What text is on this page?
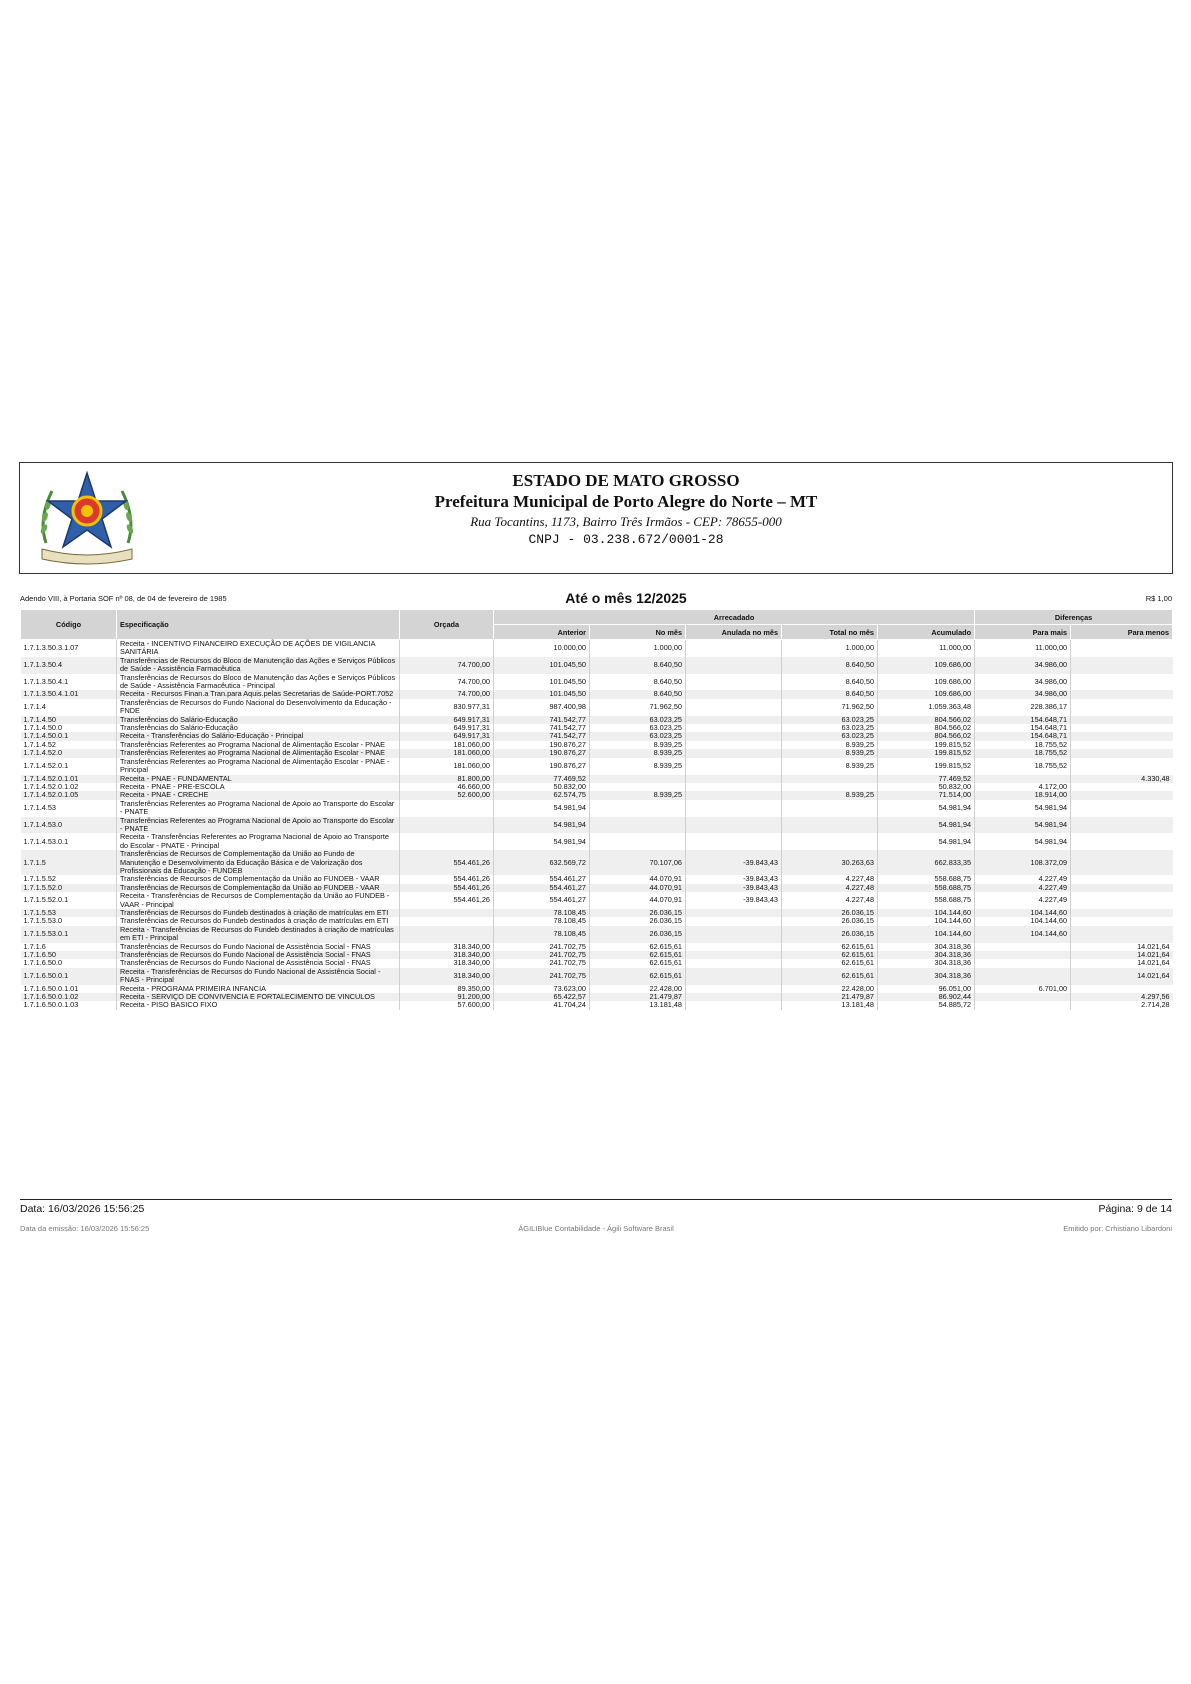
ESTADO DE MATO GROSSO
Prefeitura Municipal de Porto Alegre do Norte – MT
Rua Tocantins, 1173, Bairro Três Irmãos - CEP: 78655-000
CNPJ - 03.238.672/0001-28
Adendo VIII, à Portaria SOF nº 08, de 04 de fevereiro de 1985	Até o mês 12/2025	R$ 1,00
Código	Especificação	Orçada	Arrecadado					Diferenças	
			Anterior	No mês	Anulada no mês	Total no mês	Acumulado	Para mais	Para menos
1.7.1.3.50.3.1.07	Receita - INCENTIVO FINANCEIRO EXECUÇÃO DE AÇÕES DE VIGILANCIA SANITÁRIA		10.000,00	1.000,00		1.000,00	11.000,00	11.000,00	
1.7.1.3.50.4	Transferências de Recursos do Bloco de Manutenção das Ações e Serviços Públicos de Saúde - Assistência Farmacêutica	74.700,00	101.045,50	8.640,50		8.640,50	109.686,00	34.986,00	
1.7.1.3.50.4.1	Transferências de Recursos do Bloco de Manutenção das Ações e Serviços Públicos de Saúde - Assistência Farmacêutica - Principal	74.700,00	101.045,50	8.640,50		8.640,50	109.686,00	34.986,00	
1.7.1.3.50.4.1.01	Receita - Recursos Finan.a Tran.para Aquis.pelas Secretarias de Saúde-PORT.7052	74.700,00	101.045,50	8.640,50		8.640,50	109.686,00	34.986,00	
1.7.1.4	Transferências de Recursos do Fundo Nacional do Desenvolvimento da Educação - FNDE	830.977,31	987.400,98	71.962,50		71.962,50	1.059.363,48	228.386,17	
1.7.1.4.50	Transferências do Salário-Educação	649.917,31	741.542,77	63.023,25		63.023,25	804.566,02	154.648,71	
1.7.1.4.50.0	Transferências do Salário-Educação	649.917,31	741.542,77	63.023,25		63.023,25	804.566,02	154.648,71	
1.7.1.4.50.0.1	Receita - Transferências do Salário-Educação - Principal	649.917,31	741.542,77	63.023,25		63.023,25	804.566,02	154.648,71	
1.7.1.4.52	Transferências Referentes ao Programa Nacional de Alimentação Escolar - PNAE	181.060,00	190.876,27	8.939,25		8.939,25	199.815,52	18.755,52	
1.7.1.4.52.0	Transferências Referentes ao Programa Nacional de Alimentação Escolar - PNAE	181.060,00	190.876,27	8.939,25		8.939,25	199.815,52	18.755,52	
1.7.1.4.52.0.1	Transferências Referentes ao Programa Nacional de Alimentação Escolar - PNAE - Principal	181.060,00	190.876,27	8.939,25		8.939,25	199.815,52	18.755,52	
1.7.1.4.52.0.1.01	Receita - PNAE - FUNDAMENTAL	81.800,00	77.469,52				77.469,52		4.330,48
1.7.1.4.52.0.1.02	Receita - PNAE - PRE-ESCOLA	46.660,00	50.832,00				50.832,00	4.172,00	
1.7.1.4.52.0.1.05	Receita - PNAE - CRECHE	52.600,00	62.574,75	8.939,25		8.939,25	71.514,00	18.914,00	
1.7.1.4.53	Transferências Referentes ao Programa Nacional de Apoio ao Transporte do Escolar - PNATE		54.981,94				54.981,94	54.981,94	
1.7.1.4.53.0	Transferências Referentes ao Programa Nacional de Apoio ao Transporte do Escolar - PNATE		54.981,94				54.981,94	54.981,94	
1.7.1.4.53.0.1	Receita - Transferências Referentes ao Programa Nacional de Apoio ao Transporte do Escolar - PNATE - Principal		54.981,94				54.981,94	54.981,94	
1.7.1.5	Transferências de Recursos de Complementação da União ao Fundo de Manutenção e Desenvolvimento da Educação Básica e de Valorização dos Profissionais da Educação - FUNDEB	554.461,26	632.569,72	70.107,06	-39.843,43	30.263,63	662.833,35	108.372,09	
1.7.1.5.52	Transferências de Recursos de Complementação da União ao FUNDEB - VAAR	554.461,26	554.461,27	44.070,91	-39.843,43	4.227,48	558.688,75	4.227,49	
1.7.1.5.52.0	Transferências de Recursos de Complementação da União ao FUNDEB - VAAR	554.461,26	554.461,27	44.070,91	-39.843,43	4.227,48	558.688,75	4.227,49	
1.7.1.5.52.0.1	Receita - Transferências de Recursos de Complementação da União ao FUNDEB - VAAR - Principal	554.461,26	554.461,27	44.070,91	-39.843,43	4.227,48	558.688,75	4.227,49	
1.7.1.5.53	Transferências de Recursos do Fundeb destinados à criação de matrículas em ETI		78.108,45	26.036,15		26.036,15	104.144,60	104.144,60	
1.7.1.5.53.0	Transferências de Recursos do Fundeb destinados à criação de matrículas em ETI		78.108,45	26.036,15		26.036,15	104.144,60	104.144,60	
1.7.1.5.53.0.1	Receita - Transferências de Recursos do Fundeb destinados à criação de matrículas em ETI - Principal		78.108,45	26.036,15		26.036,15	104.144,60	104.144,60	
1.7.1.6	Transferências de Recursos do Fundo Nacional de Assistência Social - FNAS	318.340,00	241.702,75	62.615,61		62.615,61	304.318,36		14.021,64
1.7.1.6.50	Transferências de Recursos do Fundo Nacional de Assistência Social - FNAS	318.340,00	241.702,75	62.615,61		62.615,61	304.318,36		14.021,64
1.7.1.6.50.0	Transferências de Recursos do Fundo Nacional de Assistência Social - FNAS	318.340,00	241.702,75	62.615,61		62.615,61	304.318,36		14.021,64
1.7.1.6.50.0.1	Receita - Transferências de Recursos do Fundo Nacional de Assistência Social - FNAS - Principal	318.340,00	241.702,75	62.615,61		62.615,61	304.318,36		14.021,64
1.7.1.6.50.0.1.01	Receita - PROGRAMA PRIMEIRA INFANCIA	89.350,00	73.623,00	22.428,00		22.428,00	96.051,00	6.701,00	
1.7.1.6.50.0.1.02	Receita - SERVIÇO DE CONVIVENCIA E FORTALECIMENTO DE VINCULOS	91.200,00	65.422,57	21.479,87		21.479,87	86.902,44		4.297,56
1.7.1.6.50.0.1.03	Receita - PISO BASICO FIXO	57.600,00	41.704,24	13.181,48		13.181,48	54.885,72		2.714,28
Data: 16/03/2026 15:56:25	Página: 9 de 14
Data da emissão: 16/03/2026 15:56:25	ÁGILIBlue Contabilidade - Ágili Software Brasil	Emitido por: Crhistiano Libardoni
